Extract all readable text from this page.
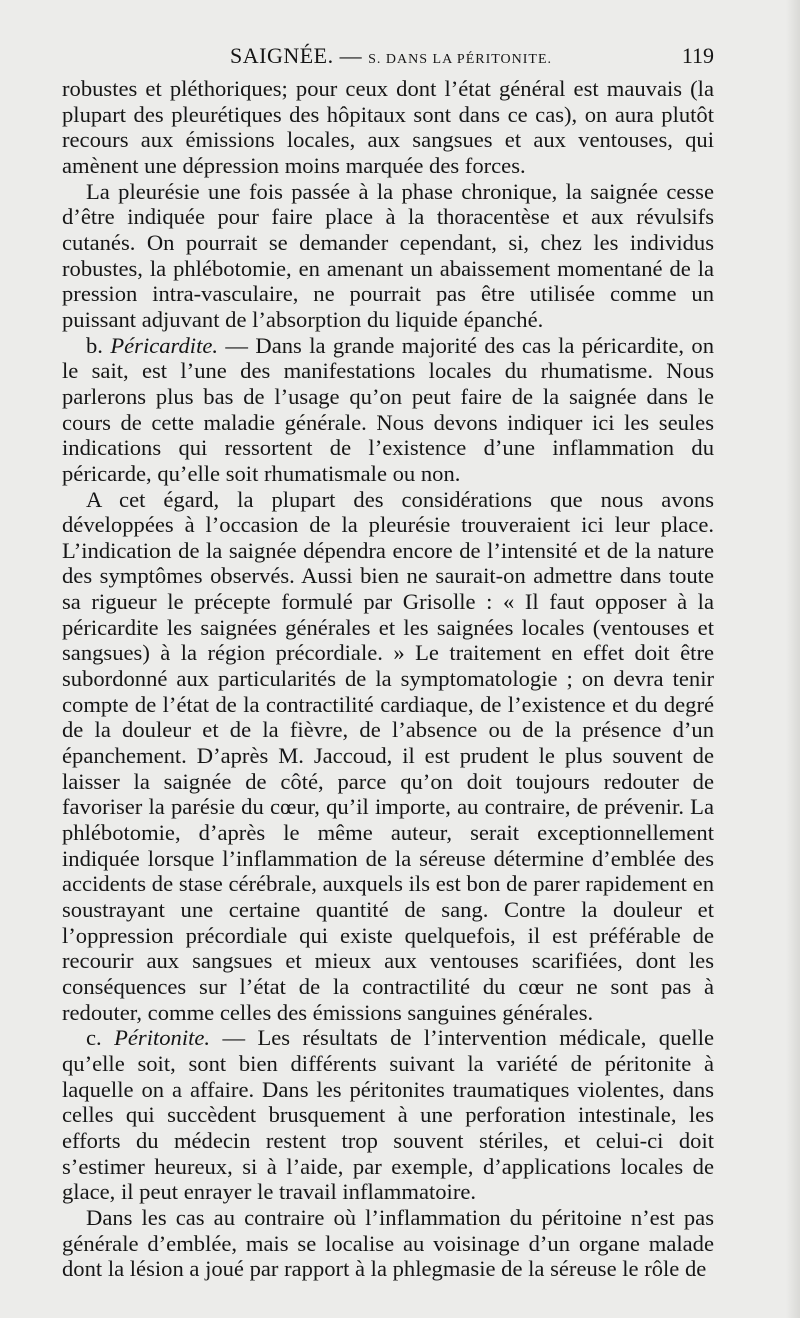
SAIGNÉE. — S. DANS LA PÉRITONITE.	119

robustes et pléthoriques; pour ceux dont l’état général est mauvais (la plupart des pleurétiques des hôpitaux sont dans ce cas), on aura plutôt recours aux émissions locales, aux sangsues et aux ventouses, qui amènent une dépression moins marquée des forces.

La pleurésie une fois passée à la phase chronique, la saignée cesse d’être indiquée pour faire place à la thoracentèse et aux révulsifs cutanés. On pourrait se demander cependant, si, chez les individus robustes, la phlébotomie, en amenant un abaissement momentané de la pression intra-vasculaire, ne pourrait pas être utilisée comme un puissant adjuvant de l’absorption du liquide épanché.

b. Péricardite. — Dans la grande majorité des cas la péricardite, on le sait, est l’une des manifestations locales du rhumatisme. Nous parlerons plus bas de l’usage qu’on peut faire de la saignée dans le cours de cette maladie générale. Nous devons indiquer ici les seules indications qui ressortent de l’existence d’une inflammation du péricarde, qu’elle soit rhumatismale ou non.

A cet égard, la plupart des considérations que nous avons développées à l’occasion de la pleurésie trouveraient ici leur place. L’indication de la saignée dépendra encore de l’intensité et de la nature des symptômes observés. Aussi bien ne saurait-on admettre dans toute sa rigueur le précepte formulé par Grisolle : « Il faut opposer à la péricardite les saignées générales et les saignées locales (ventouses et sangsues) à la région précordiale. » Le traitement en effet doit être subordonné aux particularités de la symptomatologie ; on devra tenir compte de l’état de la contractilité cardiaque, de l’existence et du degré de la douleur et de la fièvre, de l’absence ou de la présence d’un épanchement. D’après M. Jaccoud, il est prudent le plus souvent de laisser la saignée de côté, parce qu’on doit toujours redouter de favoriser la parésie du cœur, qu’il importe, au contraire, de prévenir. La phlébotomie, d’après le même auteur, serait exceptionnellement indiquée lorsque l’inflammation de la séreuse détermine d’emblée des accidents de stase cérébrale, auxquels ils est bon de parer rapidement en soustrayant une certaine quantité de sang. Contre la douleur et l’oppression précordiale qui existe quelquefois, il est préférable de recourir aux sangsues et mieux aux ventouses scarifiées, dont les conséquences sur l’état de la contractilité du cœur ne sont pas à redouter, comme celles des émissions sanguines générales.

c. Péritonite. — Les résultats de l’intervention médicale, quelle qu’elle soit, sont bien différents suivant la variété de péritonite à laquelle on a affaire. Dans les péritonites traumatiques violentes, dans celles qui succèdent brusquement à une perforation intestinale, les efforts du médecin restent trop souvent stériles, et celui-ci doit s’estimer heureux, si à l’aide, par exemple, d’applications locales de glace, il peut enrayer le travail inflammatoire.

Dans les cas au contraire où l’inflammation du péritoine n’est pas générale d’emblée, mais se localise au voisinage d’un organe malade dont la lésion a joué par rapport à la phlegmasie de la séreuse le rôle de
